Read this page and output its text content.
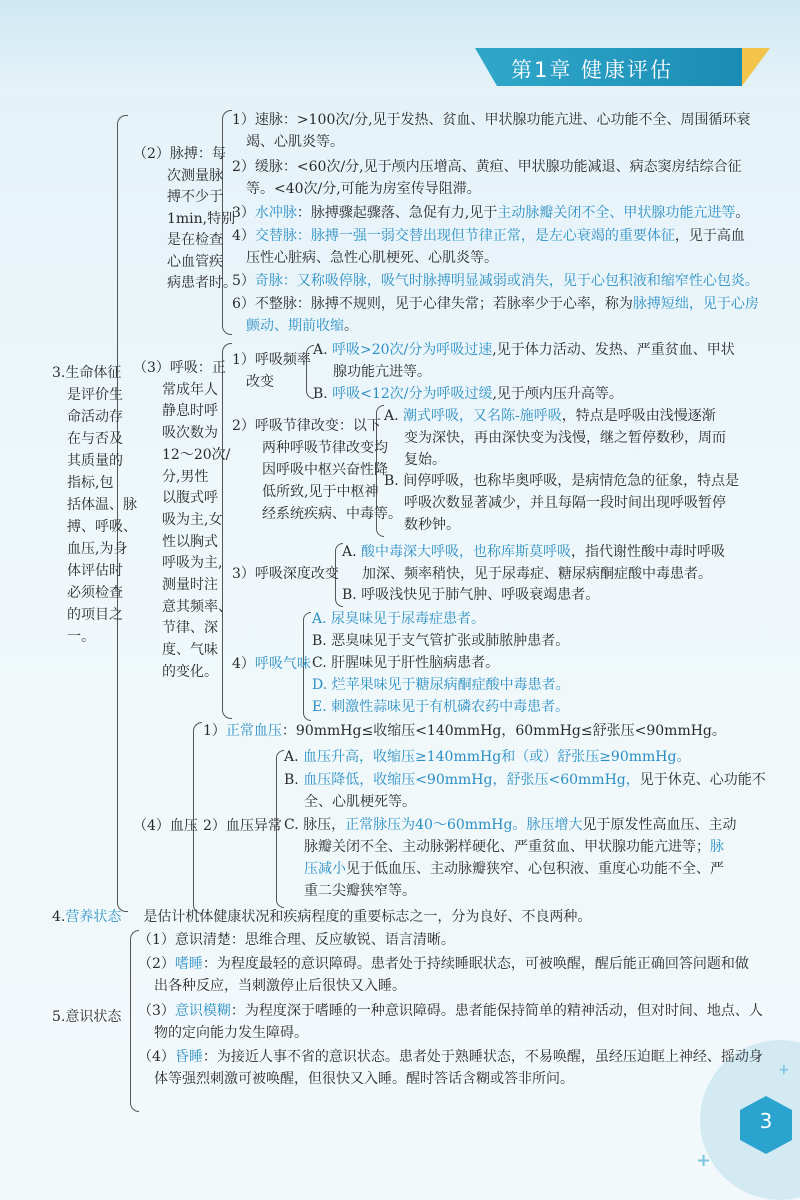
第1章 健康评估
3.生命体征
是评价生
命活动存
在与否及
其质量的
指标,包
括体温、脉
搏、呼吸、
血压,为身
体评估时
必须检查
的项目之
一。
（2）脉搏：每
次测量脉
搏不少于
1min,特别
是在检查
心血管疾
病患者时。
1）速脉：>100次/分,见于发热、贫血、甲状腺功能亢进、心功能不全、周围循环衰
竭、心肌炎等。
2）缓脉：<60次/分,见于颅内压增高、黄疸、甲状腺功能减退、病态窦房结综合征
等。<40次/分,可能为房室传导阻滞。
3）水冲脉：脉搏骤起骤落、急促有力,见于主动脉瓣关闭不全、甲状腺功能亢进等。
4）交替脉：脉搏一强一弱交替出现但节律正常，是左心衰竭的重要体征，见于高血
压性心脏病、急性心肌梗死、心肌炎等。
5）奇脉：又称吸停脉，吸气时脉搏明显减弱或消失，见于心包积液和缩窄性心包炎。
6）不整脉：脉搏不规则，见于心律失常；若脉率少于心率，称为脉搏短绌，见于心房
颤动、期前收缩。
（3）呼吸：正
常成年人
静息时呼
吸次数为
12～20次/
分,男性
以腹式呼
吸为主,女
性以胸式
呼吸为主,
测量时注
意其频率、
节律、深
度、气味
的变化。
1）呼吸频率
改变
A. 呼吸>20次/分为呼吸过速,见于体力活动、发热、严重贫血、甲状
腺功能亢进等。
B. 呼吸<12次/分为呼吸过缓,见于颅内压升高等。
2）呼吸节律改变：以下
两种呼吸节律改变均
因呼吸中枢兴奋性降
低所致,见于中枢神
经系统疾病、中毒等。
A. 潮式呼吸，又名陈-施呼吸，特点是呼吸由浅慢逐渐
变为深快，再由深快变为浅慢，继之暂停数秒，周而
复始。
B. 间停呼吸，也称毕奥呼吸，是病情危急的征象，特点是
呼吸次数显著减少，并且每隔一段时间出现呼吸暂停
数秒钟。
3）呼吸深度改变
A. 酸中毒深大呼吸，也称库斯莫呼吸，指代谢性酸中毒时呼吸
加深、频率稍快，见于尿毒症、糖尿病酮症酸中毒患者。
B. 呼吸浅快见于肺气肿、呼吸衰竭患者。
4）呼吸气味
A. 尿臭味见于尿毒症患者。
B. 恶臭味见于支气管扩张或肺脓肿患者。
C. 肝腥味见于肝性脑病患者。
D. 烂苹果味见于糖尿病酮症酸中毒患者。
E. 刺激性蒜味见于有机磷农药中毒患者。
（4）血压
1）正常血压：90mmHg≤收缩压<140mmHg，60mmHg≤舒张压<90mmHg。
2）血压异常
A. 血压升高，收缩压≥140mmHg和（或）舒张压≥90mmHg。
B. 血压降低，收缩压<90mmHg，舒张压<60mmHg，见于休克、心功能不
全、心肌梗死等。
C. 脉压，正常脉压为40～60mmHg。脉压增大见于原发性高血压、主动
脉瓣关闭不全、主动脉粥样硬化、严重贫血、甲状腺功能亢进等；脉
压减小见于低血压、主动脉瓣狭窄、心包积液、重度心功能不全、严
重二尖瓣狭窄等。
4.营养状态 是估计机体健康状况和疾病程度的重要标志之一，分为良好、不良两种。
5.意识状态
（1）意识清楚：思维合理、反应敏锐、语言清晰。
（2）嗜睡：为程度最轻的意识障碍。患者处于持续睡眠状态，可被唤醒，醒后能正确回答问题和做
出各种反应，当刺激停止后很快又入睡。
（3）意识模糊：为程度深于嗜睡的一种意识障碍。患者能保持简单的精神活动，但对时间、地点、人
物的定向能力发生障碍。
（4）昏睡：为接近人事不省的意识状态。患者处于熟睡状态，不易唤醒，虽经压迫眶上神经、摇动身
体等强烈刺激可被唤醒，但很快又入睡。醒时答话含糊或答非所问。
3
+
+
